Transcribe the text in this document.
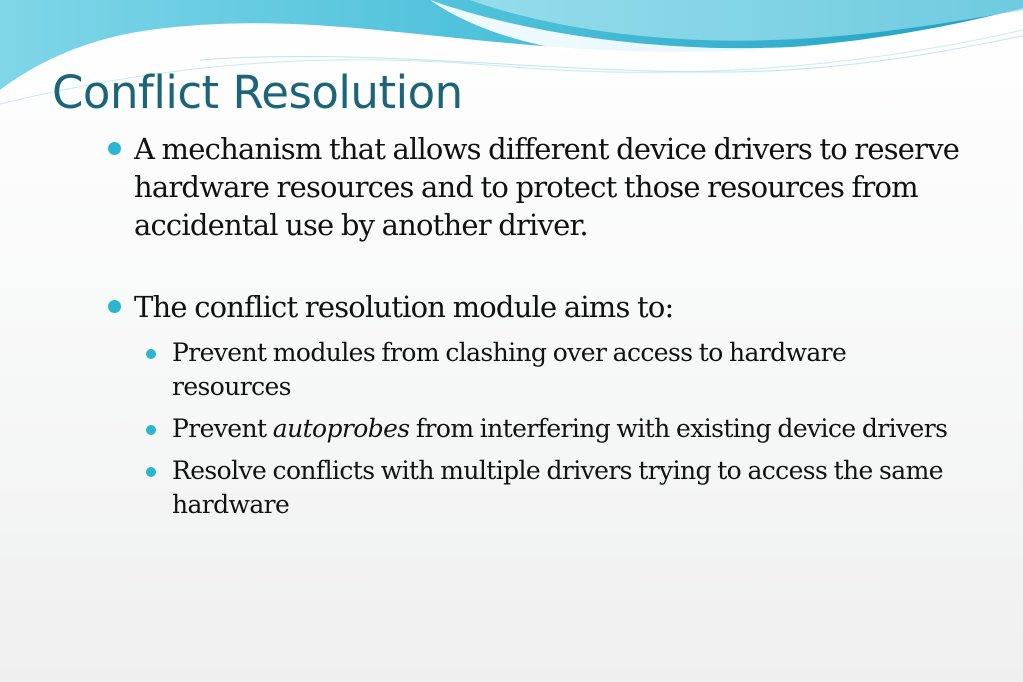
Conflict Resolution
A mechanism that allows different device drivers to reserve hardware resources and to protect those resources from accidental use by another driver.
The conflict resolution module aims to:
Prevent modules from clashing over access to hardware resources
Prevent autoprobes from interfering with existing device drivers
Resolve conflicts with multiple drivers trying to access the same hardware
